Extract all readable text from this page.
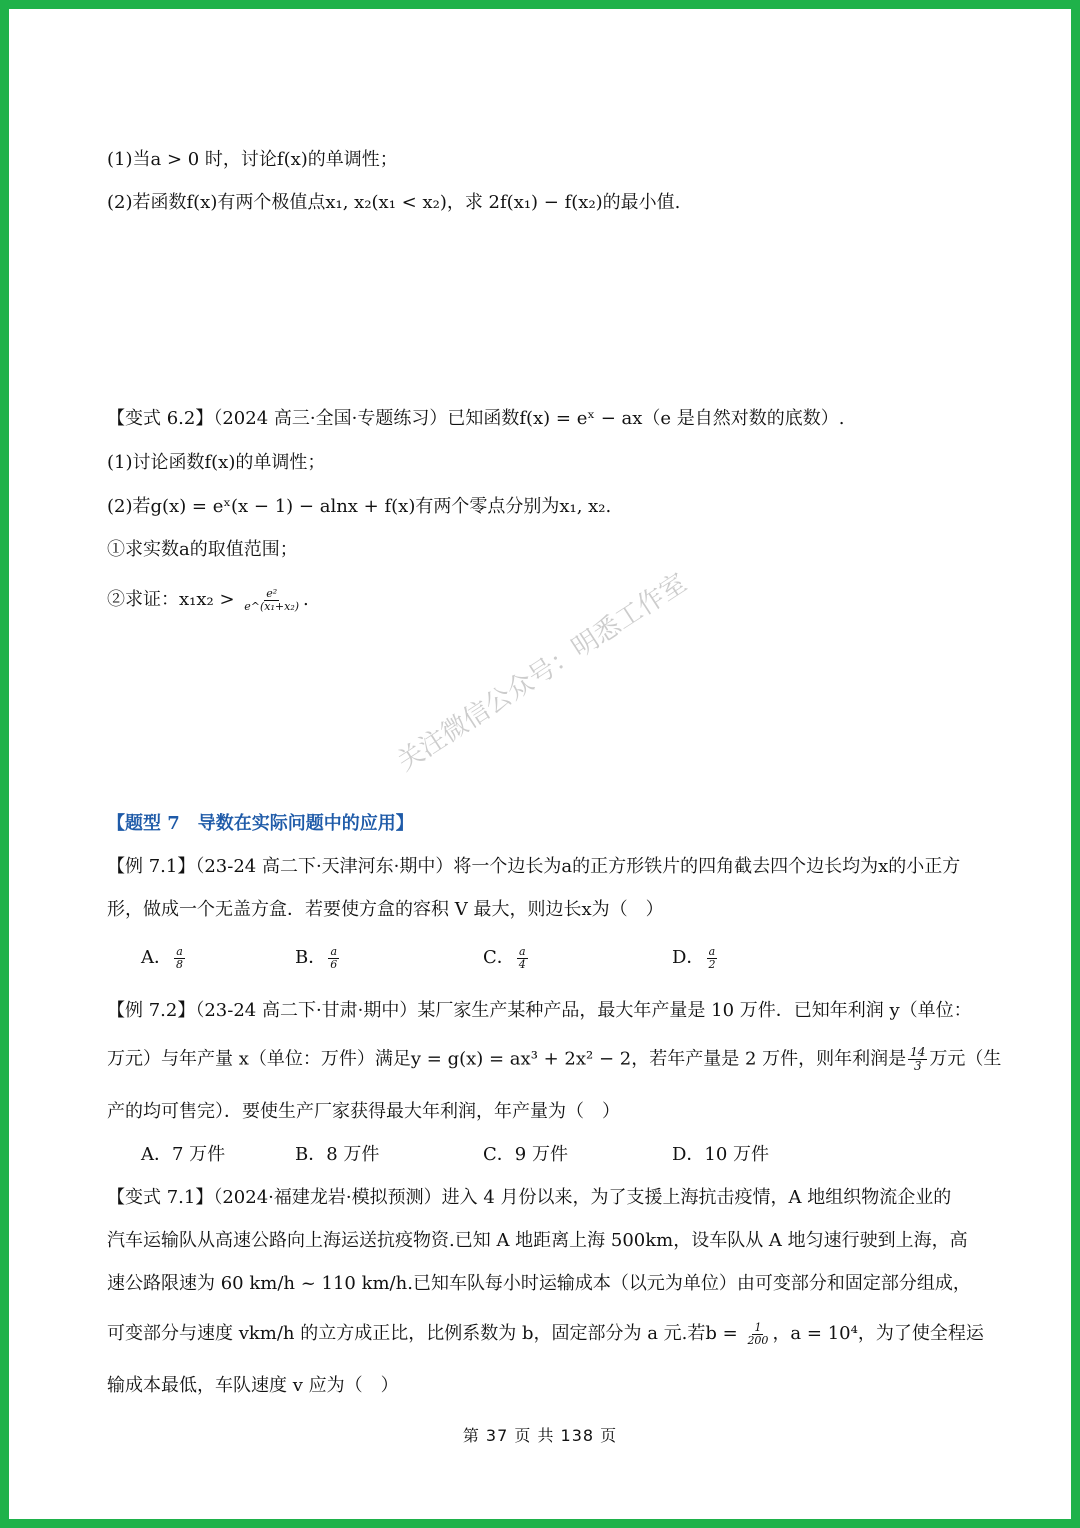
(1)当a > 0 时，讨论f(x)的单调性；
(2)若函数f(x)有两个极值点x₁, x₂(x₁ < x₂)，求 2f(x₁) − f(x₂)的最小值.
【变式 6.2】（2024 高三·全国·专题练习）已知函数f(x) = eˣ − ax（e 是自然对数的底数）.
(1)讨论函数f(x)的单调性；
(2)若g(x) = eˣ(x − 1) − alnx + f(x)有两个零点分别为x₁, x₂.
①求实数a的取值范围；
②求证：$x_1x_2 > \frac{\text{e²}}{\text{e\textasciicircum{}(x₁+x₂)}}$ .	关注微信公众号：明悉工作室
【题型 7　导数在实际问题中的应用】
【例 7.1】（23-24 高二下·天津河东·期中）将一个边长为a的正方形铁片的四角截去四个边长均为x的小正方
形，做成一个无盖方盒．若要使方盒的容积 V 最大，则边长x为（　）
A． $\frac{a}{8}$	B． $\frac{a}{6}$	C． $\frac{a}{4}$	D． $\frac{a}{2}$
【例 7.2】（23-24 高二下·甘肃·期中）某厂家生产某种产品，最大年产量是 10 万件．已知年利润 y（单位：
万元）与年产量 x（单位：万件）满足y = g(x) = ax³ + 2x² − 2，若年产量是 2 万件，则年利润是 $\frac{14}{3}$ 万元（生
产的均可售完）．要使生产厂家获得最大年利润，年产量为（　）
A．7 万件	B．8 万件	C．9 万件	D．10 万件
【变式 7.1】（2024·福建龙岩·模拟预测）进入 4 月份以来，为了支援上海抗击疫情，A 地组织物流企业的
汽车运输队从高速公路向上海运送抗疫物资.已知 A 地距离上海 500km，设车队从 A 地匀速行驶到上海，高
速公路限速为 60 km/h ~ 110 km/h.已知车队每小时运输成本（以元为单位）由可变部分和固定部分组成，
可变部分与速度 vkm/h 的立方成正比，比例系数为 b，固定部分为 a 元.若$b = \frac{1}{200}$ ，a = 10⁴，为了使全程运
输成本最低，车队速度 v 应为（　）
第 37 页 共 138 页
